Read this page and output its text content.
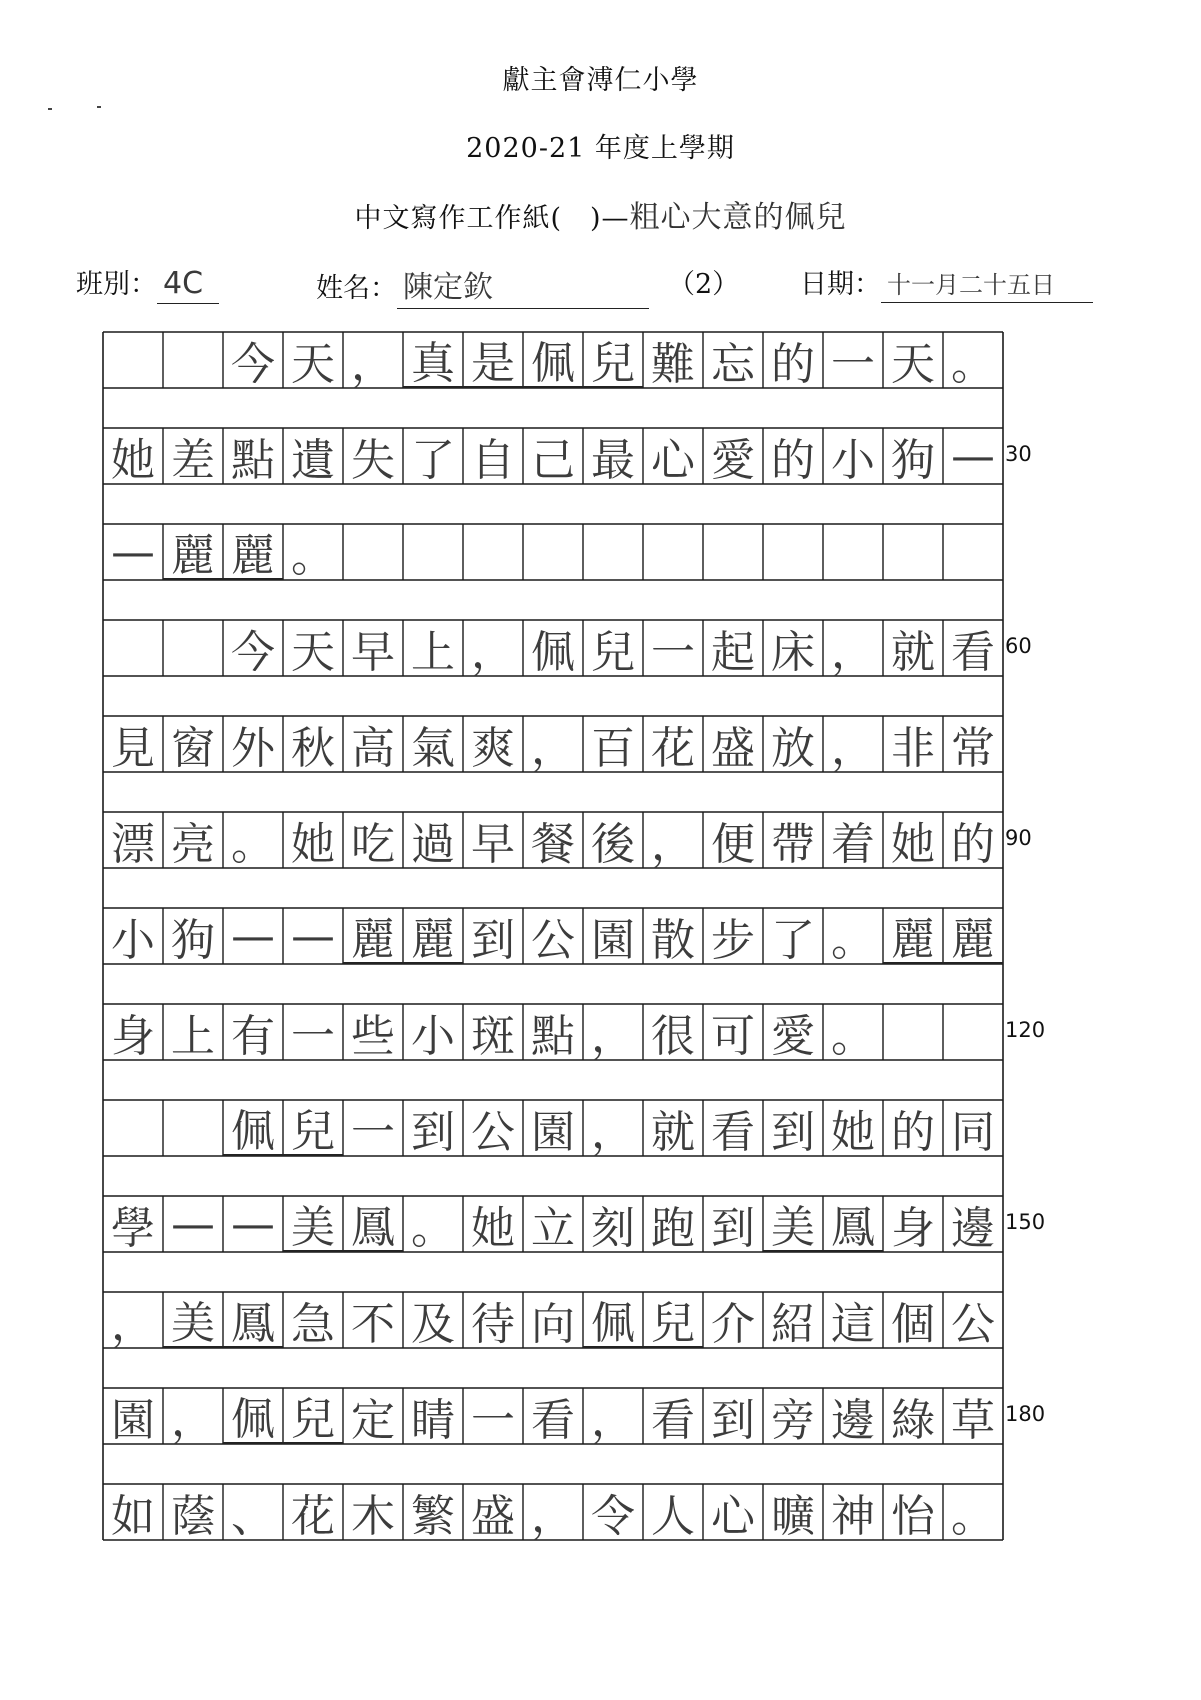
獻主會溥仁小學
2020-21 年度上學期
中文寫作工作紙(　)—粗心大意的佩兒
班別： 4C	姓名： 陳定欽	（2） 日期： 十一月二十五日
今 天 ， 真 是 佩 兒 難 忘 的 一 天 。
她 差 點 遺 失 了 自 己 最 心 愛 的 小 狗 — 30
— 麗 麗 。
今 天 早 上 ， 佩 兒 一 起 床 ， 就 看 60
見 窗 外 秋 高 氣 爽 ， 百 花 盛 放 ， 非 常
漂 亮 。 她 吃 過 早 餐 後 ， 便 帶 着 她 的 90
小 狗 — — 麗 麗 到 公 園 散 步 了 。 麗 麗
身 上 有 一 些 小 斑 點 ， 很 可 愛 。	120
佩 兒 一 到 公 園 ， 就 看 到 她 的 同
學 — — 美 鳳 。 她 立 刻 跑 到 美 鳳 身 邊 150
， 美 鳳 急 不 及 待 向 佩 兒 介 紹 這 個 公
園 ， 佩 兒 定 睛 一 看 ， 看 到 旁 邊 綠 草 180
如 蔭 、 花 木 繁 盛 ， 令 人 心 曠 神 怡 。
